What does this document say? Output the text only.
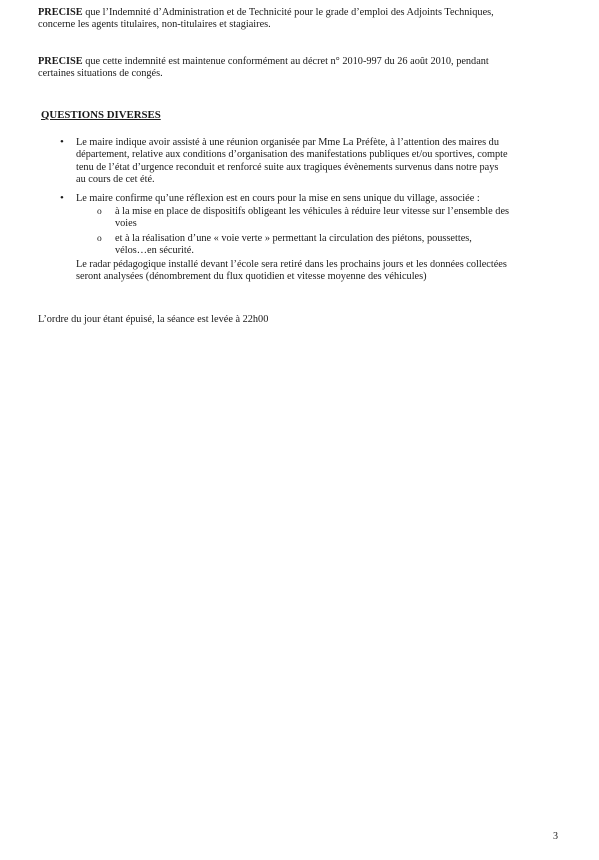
PRECISE que l’Indemnité d’Administration et de Technicité pour le grade d’emploi des Adjoints Techniques,
concerne les agents titulaires, non-titulaires et stagiaires.

PRECISE que cette indemnité est maintenue conformément au décret n° 2010-997 du 26 août 2010, pendant
certaines situations de congés.

QUESTIONS DIVERSES

• Le maire indique avoir assisté à une réunion organisée par Mme La Préfète, à l’attention des maires du
département, relative aux conditions d’organisation des manifestations publiques et/ou sportives, compte
tenu de l’état d’urgence reconduit et renforcé suite aux tragiques évènements survenus dans notre pays
au cours de cet été.

• Le maire confirme qu’une réflexion est en cours pour la mise en sens unique du village, associée :

o à la mise en place de dispositifs obligeant les véhicules à réduire leur vitesse sur l’ensemble des
voies

o et à la réalisation d’une « voie verte » permettant la circulation des piétons, poussettes,
vélos…en sécurité.

Le radar pédagogique installé devant l’école sera retiré dans les prochains jours et les données collectées
seront analysées (dénombrement du flux quotidien et vitesse moyenne des véhicules)

L’ordre du jour étant épuisé, la séance est levée à 22h00

3
